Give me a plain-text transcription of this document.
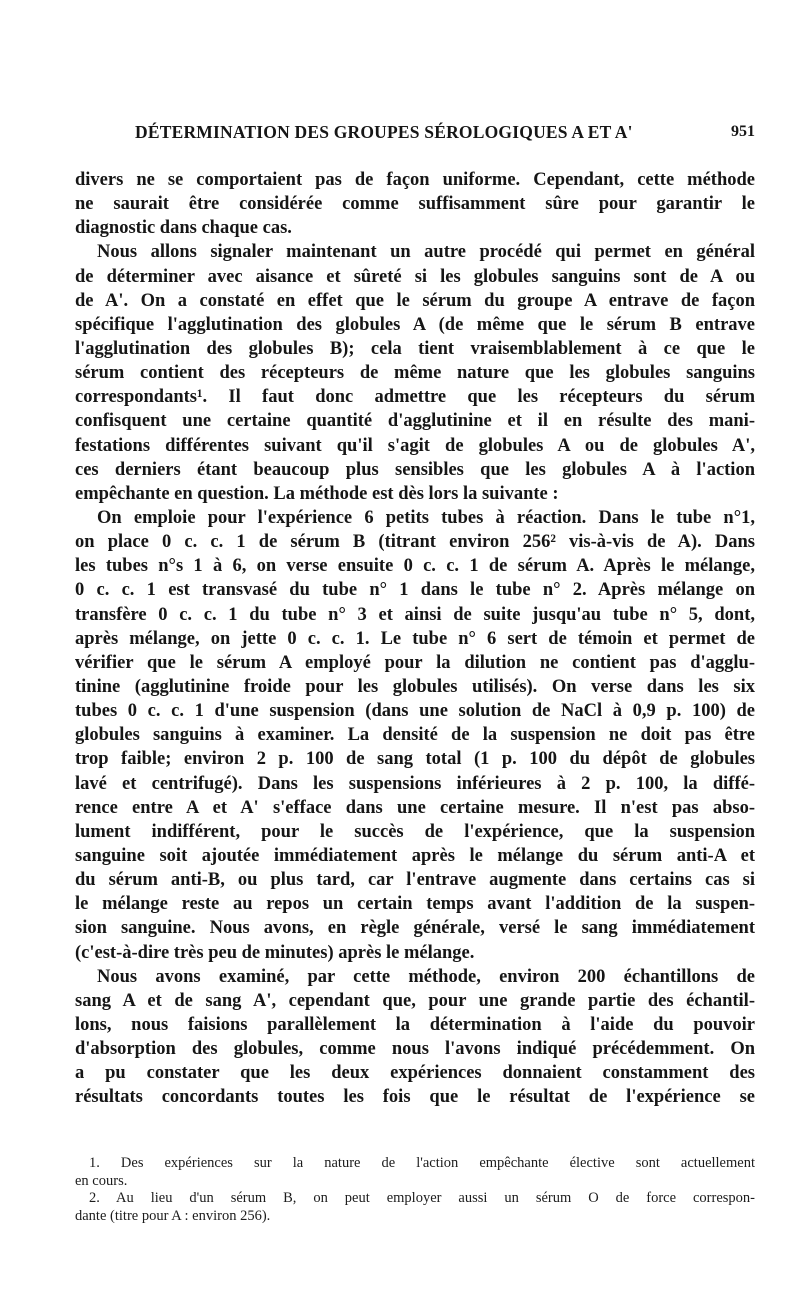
DÉTERMINATION DES GROUPES SÉROLOGIQUES A ET A'	951
divers ne se comportaient pas de façon uniforme. Cependant, cette méthode
ne saurait être considérée comme suffisamment sûre pour garantir le
diagnostic dans chaque cas.
Nous allons signaler maintenant un autre procédé qui permet en général
de déterminer avec aisance et sûreté si les globules sanguins sont de A ou
de A'. On a constaté en effet que le sérum du groupe A entrave de façon
spécifique l'agglutination des globules A (de même que le sérum B entrave
l'agglutination des globules B); cela tient vraisemblablement à ce que le
sérum contient des récepteurs de même nature que les globules sanguins
correspondants¹. Il faut donc admettre que les récepteurs du sérum
confisquent une certaine quantité d'agglutinine et il en résulte des mani-
festations différentes suivant qu'il s'agit de globules A ou de globules A',
ces derniers étant beaucoup plus sensibles que les globules A à l'action
empêchante en question. La méthode est dès lors la suivante :
On emploie pour l'expérience 6 petits tubes à réaction. Dans le tube n°1,
on place 0 c. c. 1 de sérum B (titrant environ 256² vis-à-vis de A). Dans
les tubes n°s 1 à 6, on verse ensuite 0 c. c. 1 de sérum A. Après le mélange,
0 c. c. 1 est transvasé du tube n° 1 dans le tube n° 2. Après mélange on
transfère 0 c. c. 1 du tube n° 3 et ainsi de suite jusqu'au tube n° 5, dont,
après mélange, on jette 0 c. c. 1. Le tube n° 6 sert de témoin et permet de
vérifier que le sérum A employé pour la dilution ne contient pas d'agglu-
tinine (agglutinine froide pour les globules utilisés). On verse dans les six
tubes 0 c. c. 1 d'une suspension (dans une solution de NaCl à 0,9 p. 100) de
globules sanguins à examiner. La densité de la suspension ne doit pas être
trop faible; environ 2 p. 100 de sang total (1 p. 100 du dépôt de globules
lavé et centrifugé). Dans les suspensions inférieures à 2 p. 100, la diffé-
rence entre A et A' s'efface dans une certaine mesure. Il n'est pas abso-
lument indifférent, pour le succès de l'expérience, que la suspension
sanguine soit ajoutée immédiatement après le mélange du sérum anti-A et
du sérum anti-B, ou plus tard, car l'entrave augmente dans certains cas si
le mélange reste au repos un certain temps avant l'addition de la suspen-
sion sanguine. Nous avons, en règle générale, versé le sang immédiatement
(c'est-à-dire très peu de minutes) après le mélange.
Nous avons examiné, par cette méthode, environ 200 échantillons de
sang A et de sang A', cependant que, pour une grande partie des échantil-
lons, nous faisions parallèlement la détermination à l'aide du pouvoir
d'absorption des globules, comme nous l'avons indiqué précédemment. On
a pu constater que les deux expériences donnaient constamment des
résultats concordants toutes les fois que le résultat de l'expérience se
1. Des expériences sur la nature de l'action empêchante élective sont actuellement
en cours.
2. Au lieu d'un sérum B, on peut employer aussi un sérum O de force correspon-
dante (titre pour A : environ 256).
